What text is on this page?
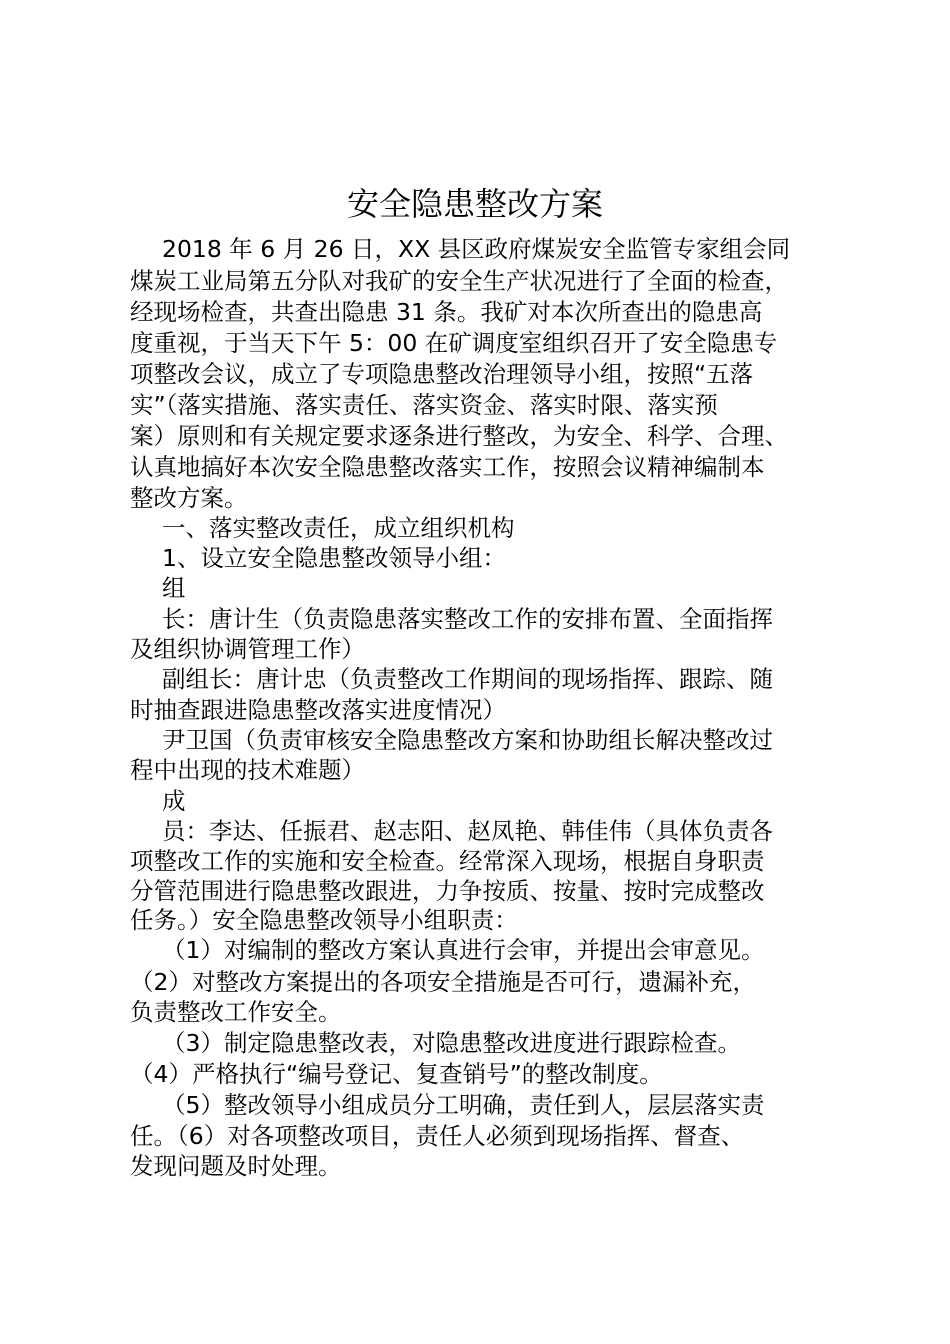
安全隐患整改方案
2018 年 6 月 26 日，XX 县区政府煤炭安全监管专家组会同
煤炭工业局第五分队对我矿的安全生产状况进行了全面的检查，
经现场检查，共查出隐患 31 条。我矿对本次所查出的隐患高
度重视，于当天下午 5：00 在矿调度室组织召开了安全隐患专
项整改会议，成立了专项隐患整改治理领导小组，按照“五落
实”（落实措施、落实责任、落实资金、落实时限、落实预
案）原则和有关规定要求逐条进行整改，为安全、科学、合理、
认真地搞好本次安全隐患整改落实工作，按照会议精神编制本
整改方案。
一、落实整改责任，成立组织机构
1、设立安全隐患整改领导小组：
组
长：唐计生（负责隐患落实整改工作的安排布置、全面指挥
及组织协调管理工作）
副组长：唐计忠（负责整改工作期间的现场指挥、跟踪、随
时抽查跟进隐患整改落实进度情况）
尹卫国（负责审核安全隐患整改方案和协助组长解决整改过
程中出现的技术难题）
成
员：李达、任振君、赵志阳、赵凤艳、韩佳伟（具体负责各
项整改工作的实施和安全检查。经常深入现场，根据自身职责
分管范围进行隐患整改跟进，力争按质、按量、按时完成整改
任务。）安全隐患整改领导小组职责：
（1）对编制的整改方案认真进行会审，并提出会审意见。
（2）对整改方案提出的各项安全措施是否可行，遗漏补充，
负责整改工作安全。
（3）制定隐患整改表，对隐患整改进度进行跟踪检查。
（4）严格执行“编号登记、复查销号”的整改制度。
（5）整改领导小组成员分工明确，责任到人，层层落实责
任。（6）对各项整改项目，责任人必须到现场指挥、督查、
发现问题及时处理。
